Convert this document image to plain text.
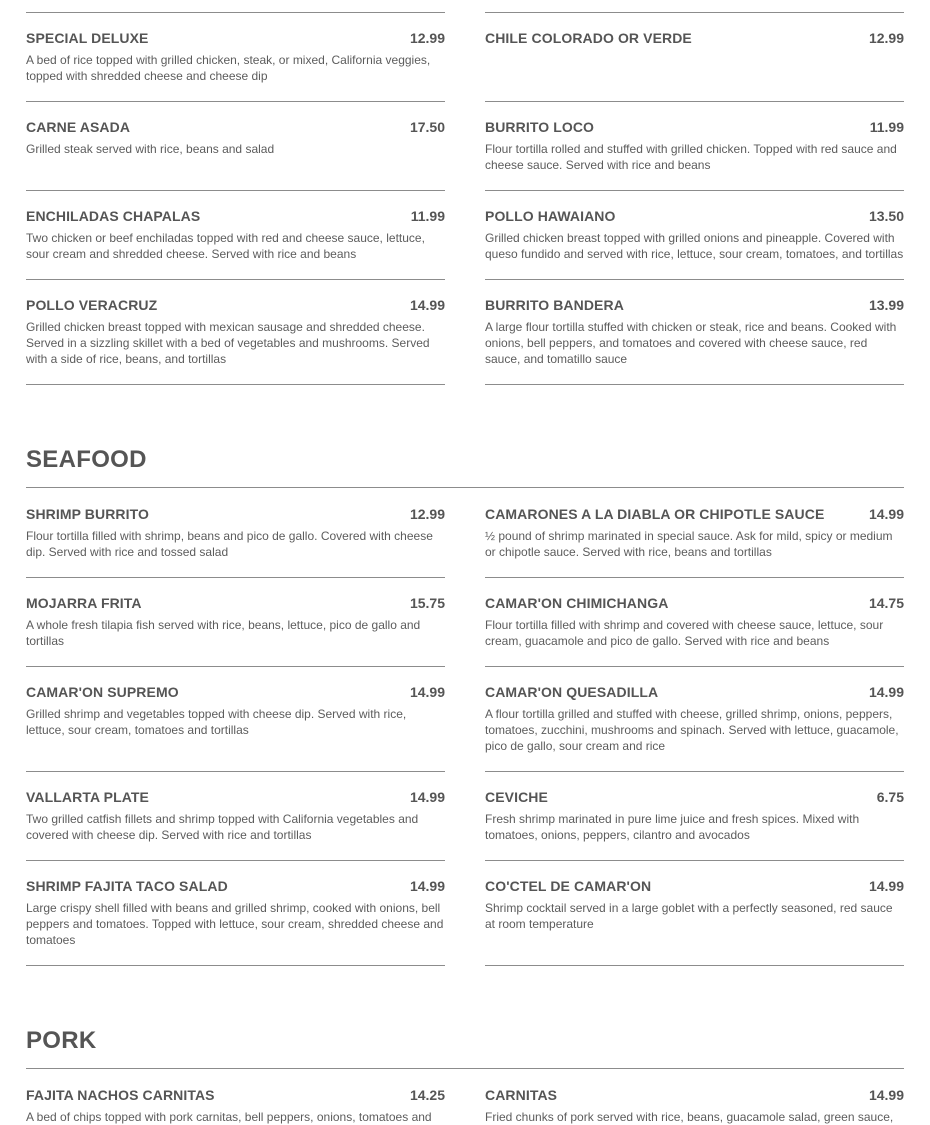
SPECIAL DELUXE	12.99
A bed of rice topped with grilled chicken, steak, or mixed, California veggies, topped with shredded cheese and cheese dip
CHILE COLORADO OR VERDE	12.99
CARNE ASADA	17.50
Grilled steak served with rice, beans and salad
BURRITO LOCO	11.99
Flour tortilla rolled and stuffed with grilled chicken. Topped with red sauce and cheese sauce. Served with rice and beans
ENCHILADAS CHAPALAS	11.99
Two chicken or beef enchiladas topped with red and cheese sauce, lettuce, sour cream and shredded cheese. Served with rice and beans
POLLO HAWAIANO	13.50
Grilled chicken breast topped with grilled onions and pineapple. Covered with queso fundido and served with rice, lettuce, sour cream, tomatoes, and tortillas
POLLO VERACRUZ	14.99
Grilled chicken breast topped with mexican sausage and shredded cheese. Served in a sizzling skillet with a bed of vegetables and mushrooms. Served with a side of rice, beans, and tortillas
BURRITO BANDERA	13.99
A large flour tortilla stuffed with chicken or steak, rice and beans. Cooked with onions, bell peppers, and tomatoes and covered with cheese sauce, red sauce, and tomatillo sauce
SEAFOOD
SHRIMP BURRITO	12.99
Flour tortilla filled with shrimp, beans and pico de gallo. Covered with cheese dip. Served with rice and tossed salad
CAMARONES A LA DIABLA OR CHIPOTLE SAUCE	14.99
½ pound of shrimp marinated in special sauce. Ask for mild, spicy or medium or chipotle sauce. Served with rice, beans and tortillas
MOJARRA FRITA	15.75
A whole fresh tilapia fish served with rice, beans, lettuce, pico de gallo and tortillas
CAMAR'ON CHIMICHANGA	14.75
Flour tortilla filled with shrimp and covered with cheese sauce, lettuce, sour cream, guacamole and pico de gallo. Served with rice and beans
CAMAR'ON SUPREMO	14.99
Grilled shrimp and vegetables topped with cheese dip. Served with rice, lettuce, sour cream, tomatoes and tortillas
CAMAR'ON QUESADILLA	14.99
A flour tortilla grilled and stuffed with cheese, grilled shrimp, onions, peppers, tomatoes, zucchini, mushrooms and spinach. Served with lettuce, guacamole, pico de gallo, sour cream and rice
VALLARTA PLATE	14.99
Two grilled catfish fillets and shrimp topped with California vegetables and covered with cheese dip. Served with rice and tortillas
CEVICHE	6.75
Fresh shrimp marinated in pure lime juice and fresh spices. Mixed with tomatoes, onions, peppers, cilantro and avocados
SHRIMP FAJITA TACO SALAD	14.99
Large crispy shell filled with beans and grilled shrimp, cooked with onions, bell peppers and tomatoes. Topped with lettuce, sour cream, shredded cheese and tomatoes
CO'CTEL DE CAMAR'ON	14.99
Shrimp cocktail served in a large goblet with a perfectly seasoned, red sauce at room temperature
PORK
FAJITA NACHOS CARNITAS	14.25
A bed of chips topped with pork carnitas, bell peppers, onions, tomatoes and
CARNITAS	14.99
Fried chunks of pork served with rice, beans, guacamole salad, green sauce,
